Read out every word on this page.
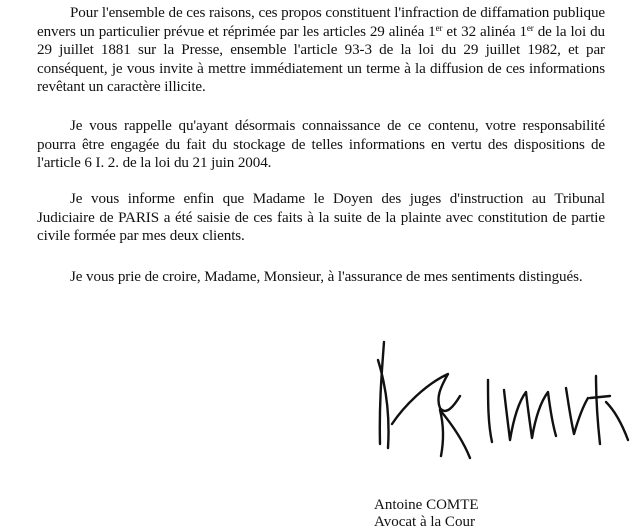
Pour l'ensemble de ces raisons, ces propos constituent l'infraction de diffamation publique envers un particulier prévue et réprimée par les articles 29 alinéa 1er et 32 alinéa 1er de la loi du 29 juillet 1881 sur la Presse, ensemble l'article 93-3 de la loi du 29 juillet 1982, et par conséquent, je vous invite à mettre immédiatement un terme à la diffusion de ces informations revêtant un caractère illicite.

Je vous rappelle qu'ayant désormais connaissance de ce contenu, votre responsabilité pourra être engagée du fait du stockage de telles informations en vertu des dispositions de l'article 6 I. 2. de la loi du 21 juin 2004.

Je vous informe enfin que Madame le Doyen des juges d'instruction au Tribunal Judiciaire de PARIS a été saisie de ces faits à la suite de la plainte avec constitution de partie civile formée par mes deux clients.

Je vous prie de croire, Madame, Monsieur, à l'assurance de mes sentiments distingués.

Antoine COMTE
Avocat à la Cour
